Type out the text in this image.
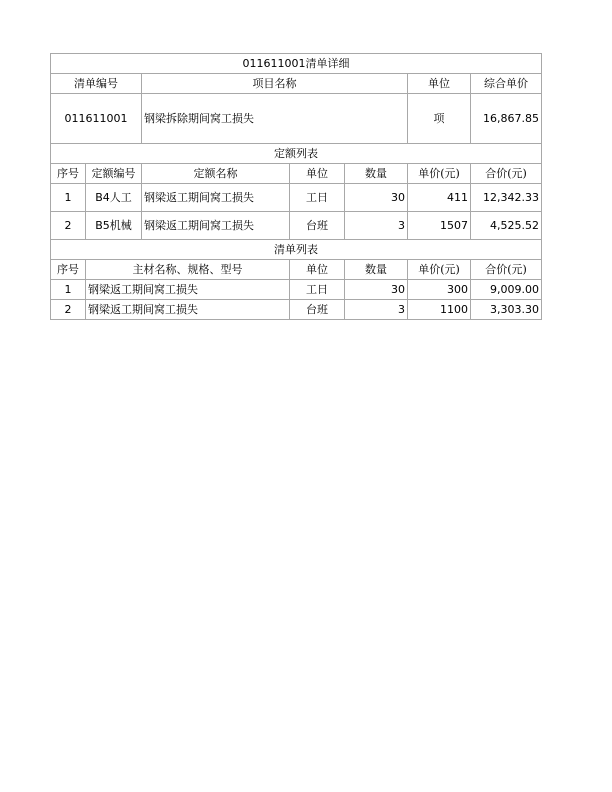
011611001清单详细						
清单编号		项目名称			单位	综合单价
011611001		钢梁拆除期间窝工损失			项	16,867.85
定额列表						
序号	定额编号	定额名称	单位	数量	单价(元)	合价(元)
1	B4人工	钢梁返工期间窝工损失	工日	30	411	12,342.33
2	B5机械	钢梁返工期间窝工损失	台班	3	1507	4,525.52
清单列表						
序号	主材名称、规格、型号		单位	数量	单价(元)	合价(元)
1	钢梁返工期间窝工损失		工日	30	300	9,009.00
2	钢梁返工期间窝工损失		台班	3	1100	3,303.30
